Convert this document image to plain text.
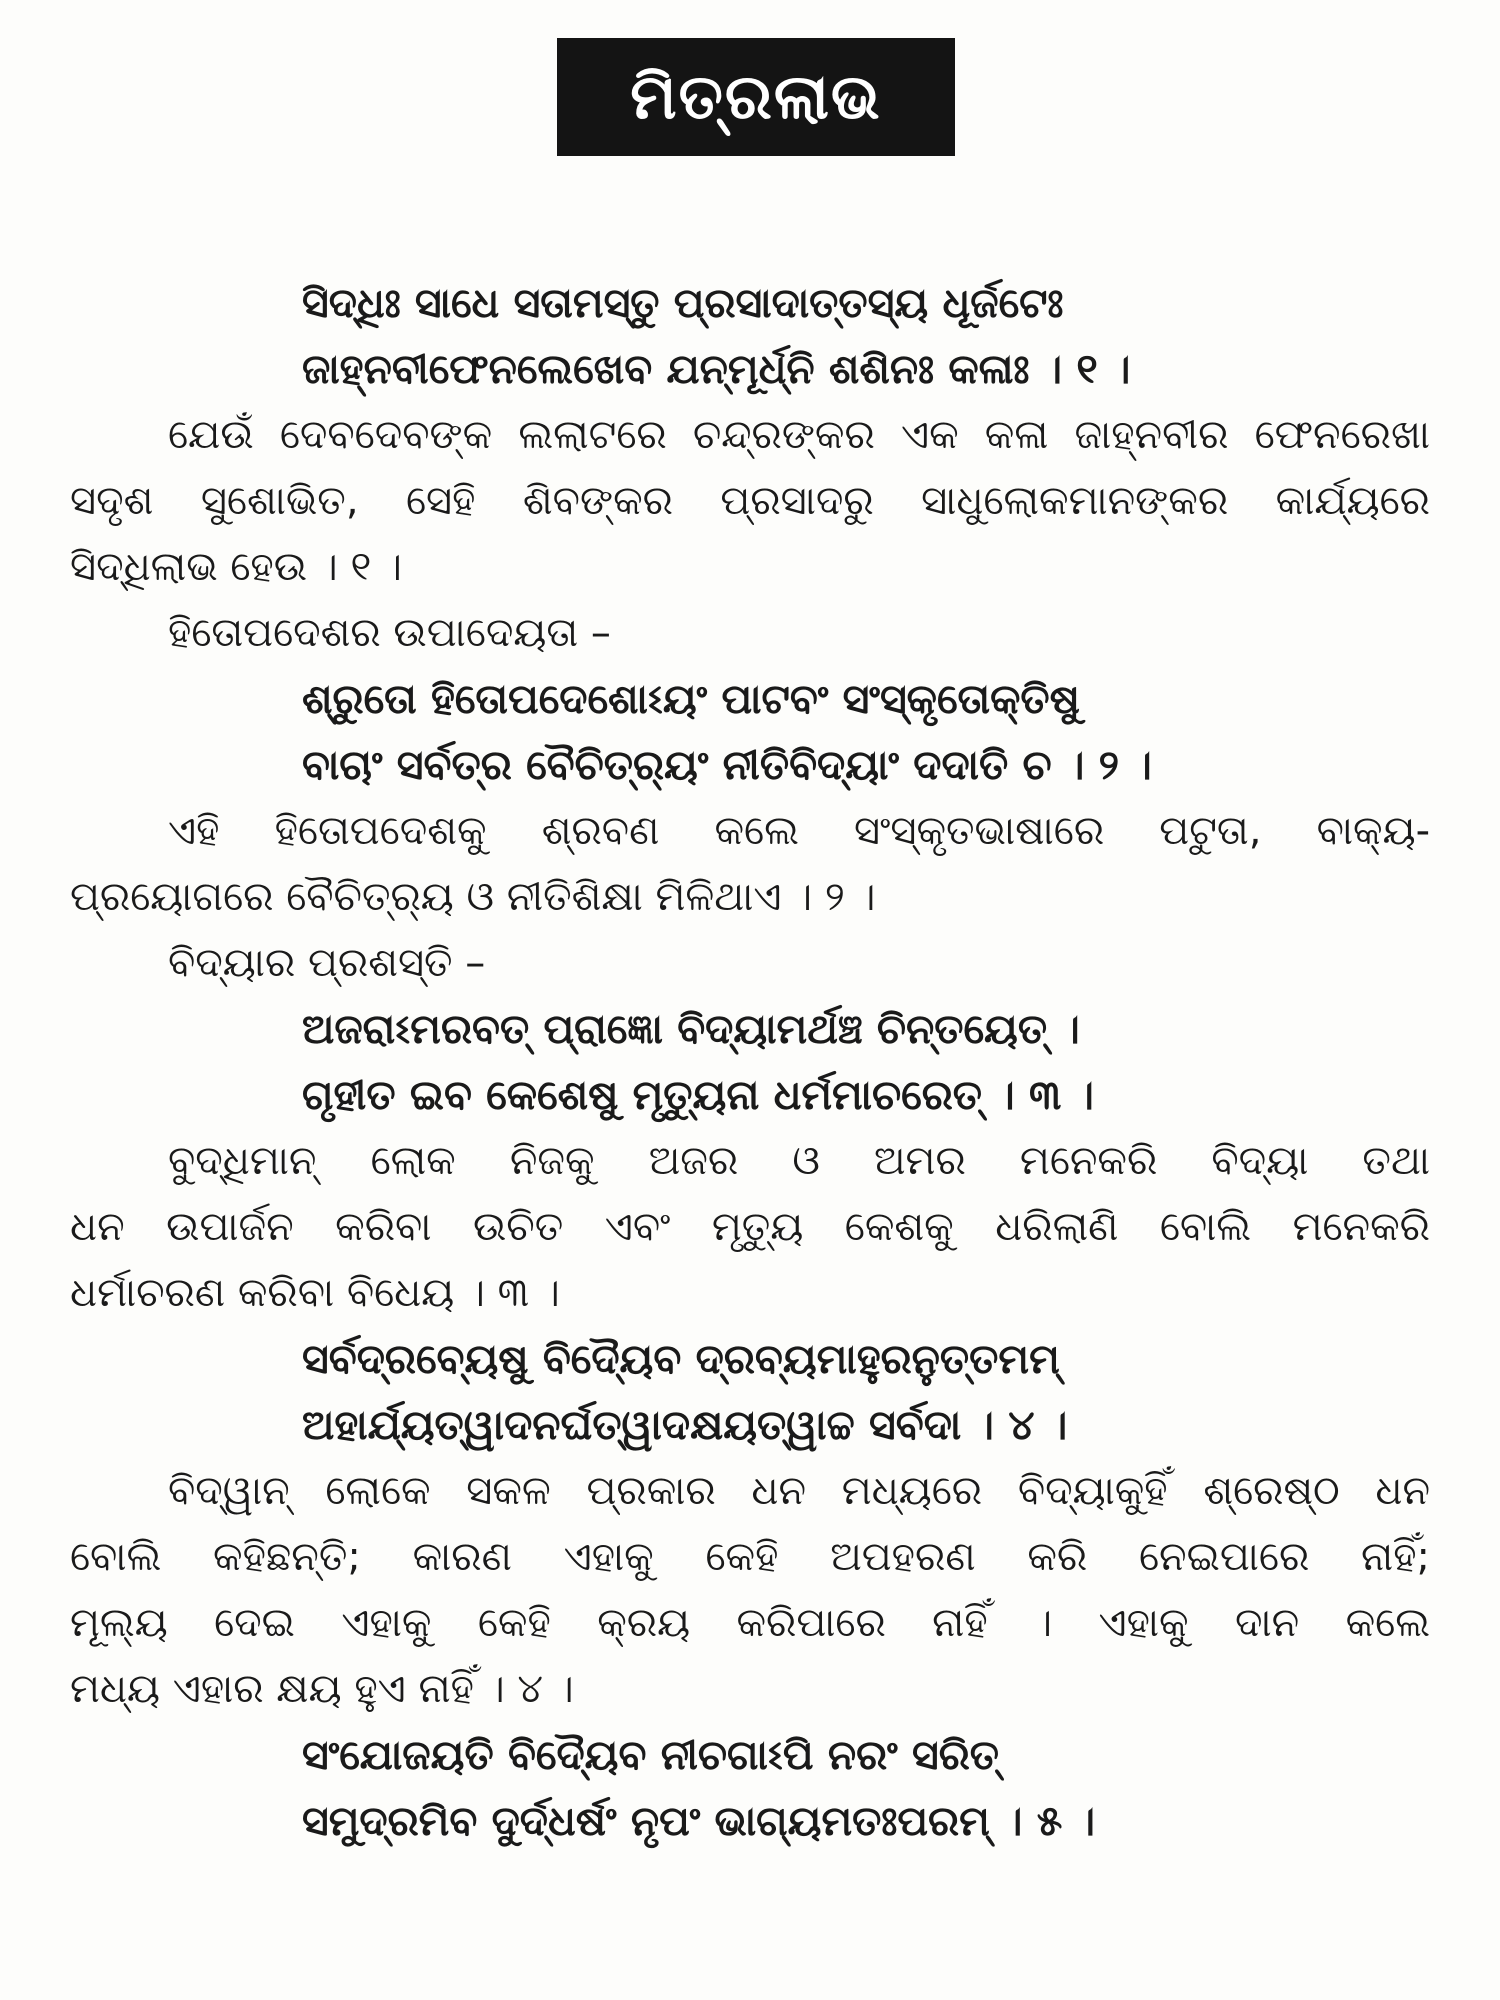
ମିତ୍ରଲାଭ
ସିଦ୍ଧିଃ ସାଧେ ସତାମସ୍ତୁ ପ୍ରସାଦାତ୍ତସ୍ୟ ଧୂର୍ଜଟେଃ
ଜାହ୍ନବୀଫେନଲେଖେବ ଯନ୍ମୂର୍ଧ୍ନି ଶଶିନଃ କଳାଃ । ୧ ।
ଯେଉଁ ଦେବଦେବଙ୍କ ଲଲାଟରେ ଚନ୍ଦ୍ରଙ୍କର ଏକ କଳା ଜାହ୍ନବୀର ଫେନରେଖା
ସଦୃଶ ସୁଶୋଭିତ, ସେହି ଶିବଙ୍କର ପ୍ରସାଦରୁ ସାଧୁଲୋକମାନଙ୍କର କାର୍ଯ୍ୟରେ
ସିଦ୍ଧିଲାଭ ହେଉ । ୧ ।
ହିତୋପଦେଶର ଉପାଦେୟତା –
ଶ୍ରୁତୋ ହିତୋପଦେଶୋଽୟଂ ପାଟବଂ ସଂସ୍କୃତୋକ୍ତିଷୁ
ବାଚାଂ ସର୍ବତ୍ର ବୈଚିତ୍ର୍ୟଂ ନୀତିବିଦ୍ୟାଂ ଦଦାତି ଚ । ୨ ।
ଏହି ହିତୋପଦେଶକୁ ଶ୍ରବଣ କଲେ ସଂସ୍କୃତଭାଷାରେ ପଟୁତା, ବାକ୍ୟ-
ପ୍ରୟୋଗରେ ବୈଚିତ୍ର୍ୟ ଓ ନୀତିଶିକ୍ଷା ମିଳିଥାଏ । ୨ ।
ବିଦ୍ୟାର ପ୍ରଶସ୍ତି –
ଅଜରାଽମରବତ୍ ପ୍ରାଜ୍ଞୋ ବିଦ୍ୟାମର୍ଥଞ୍ଚ ଚିନ୍ତୟେତ୍ ।
ଗୃହୀତ ଇବ କେଶେଷୁ ମୃତ୍ୟୁନା ଧର୍ମମାଚରେତ୍ । ୩ ।
ବୁଦ୍ଧିମାନ୍ ଲୋକ ନିଜକୁ ଅଜର ଓ ଅମର ମନେକରି ବିଦ୍ୟା ତଥା
ଧନ ଉପାର୍ଜନ କରିବା ଉଚିତ ଏବଂ ମୃତ୍ୟୁ କେଶକୁ ଧରିଲାଣି ବୋଲି ମନେକରି
ଧର୍ମାଚରଣ କରିବା ବିଧେୟ । ୩ ।
ସର୍ବଦ୍ରବ୍ୟେଷୁ ବିଦ୍ୟୈବ ଦ୍ରବ୍ୟମାହୁରନୁତ୍ତମମ୍
ଅହାର୍ଯ୍ୟତ୍ୱାଦନର୍ଘତ୍ୱାଦକ୍ଷୟତ୍ୱାଚ୍ଚ ସର୍ବଦା । ୪ ।
ବିଦ୍ୱାନ୍ ଲୋକେ ସକଳ ପ୍ରକାର ଧନ ମଧ୍ୟରେ ବିଦ୍ୟାକୁହିଁ ଶ୍ରେଷ୍ଠ ଧନ
ବୋଲି କହିଛନ୍ତି; କାରଣ ଏହାକୁ କେହି ଅପହରଣ କରି ନେଇପାରେ ନାହିଁ;
ମୂଲ୍ୟ ଦେଇ ଏହାକୁ କେହି କ୍ରୟ କରିପାରେ ନାହିଁ । ଏହାକୁ ଦାନ କଲେ
ମଧ୍ୟ ଏହାର କ୍ଷୟ ହୁଏ ନାହିଁ । ୪ ।
ସଂଯୋଜୟତି ବିଦ୍ୟୈବ ନୀଚଗାଽପି ନରଂ ସରିତ୍
ସମୁଦ୍ରମିବ ଦୁର୍ଦ୍ଧର୍ଷଂ ନୃପଂ ଭାଗ୍ୟମତଃପରମ୍ । ୫ ।
